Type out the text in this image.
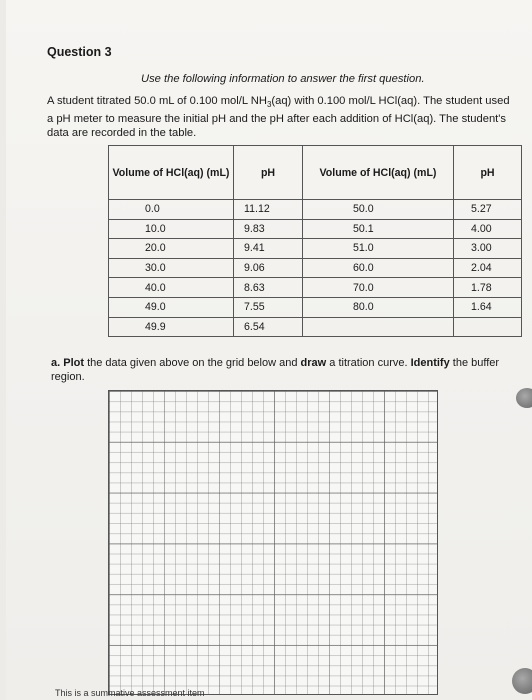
Question 3
Use the following information to answer the first question.
A student titrated 50.0 mL of 0.100 mol/L $NH_3(aq)$ with 0.100 mol/L HCl(aq). The student used a pH meter to measure the initial pH and the pH after each addition of HCl(aq). The student's data are recorded in the table.
Volume of HCl(aq) (mL)	pH	Volume of HCl(aq) (mL)	pH
0.0	11.12	50.0	5.27
10.0	9.83	50.1	4.00
20.0	9.41	51.0	3.00
30.0	9.06	60.0	2.04
40.0	8.63	70.0	1.78
49.0	7.55	80.0	1.64
49.9	6.54		
a. Plot the data given above on the grid below and draw a titration curve. Identify the buffer region.
This is a summative assessment item
